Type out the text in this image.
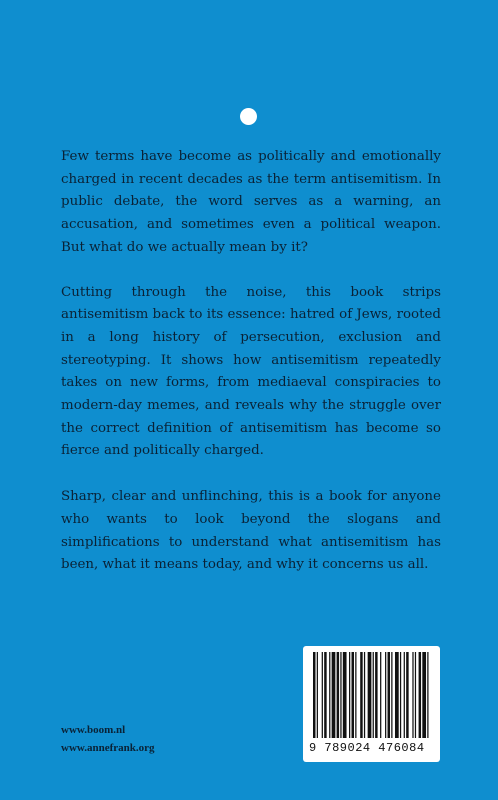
Few terms have become as politically and emotionally charged in recent decades as the term antisemitism. In public debate, the word serves as a warning, an accusation, and sometimes even a political weapon. But what do we actually mean by it?

Cutting through the noise, this book strips antisemitism back to its essence: hatred of Jews, rooted in a long history of persecution, exclusion and stereotyping. It shows how antisemitism repeatedly takes on new forms, from mediaeval conspiracies to modern-day memes, and reveals why the struggle over the correct definition of antisemitism has become so fierce and politically charged.

Sharp, clear and unflinching, this is a book for anyone who wants to look beyond the slogans and simplifications to understand what antisemitism has been, what it means today, and why it concerns us all.

www.boom.nl
www.annefrank.org	9 789024 476084
